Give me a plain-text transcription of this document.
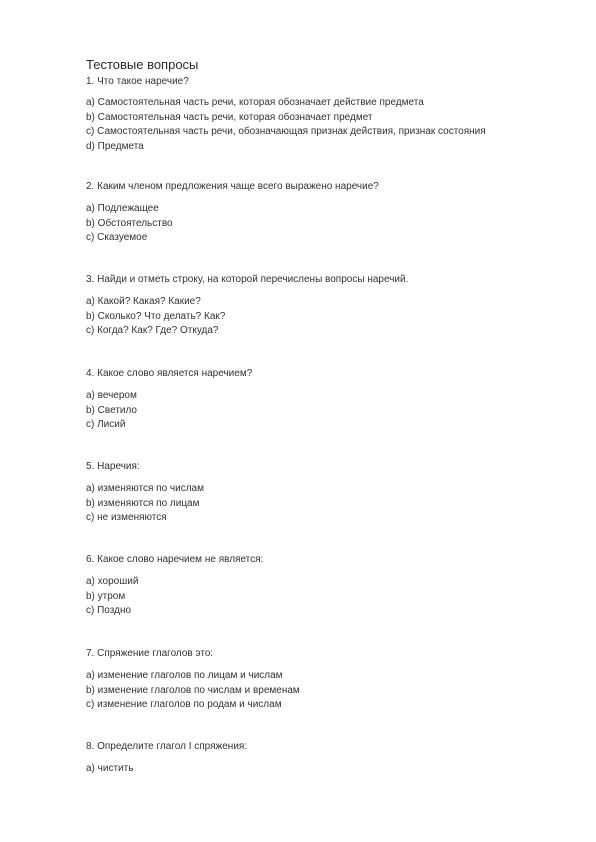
Тестовые вопросы

1. Что такое наречие?

а) Самостоятельная часть речи, которая обозначает действие предмета

b) Самостоятельная часть речи, которая обозначает предмет

c) Самостоятельная часть речи, обозначающая признак действия, признак состояния

d) Предмета

2. Каким членом предложения чаще всего выражено наречие?

а) Подлежащее

b) Обстоятельство

c) Сказуемое

3. Найди и отметь строку, на которой перечислены вопросы наречий.

а) Какой? Какая? Какие?

b) Сколько? Что делать? Как?

c) Когда? Как? Где? Откуда?

4. Какое слово является наречием?

а) вечером

b) Светило

c) Лисий

5. Наречия:

а) изменяются по числам

b) изменяются по лицам

c) не изменяются

6. Какое слово наречием не является:

а) хороший

b) утром

c) Поздно

7. Спряжение глаголов это:

а) изменение глаголов по лицам и числам

b) изменение глаголов по числам и временам

c) изменение глаголов по родам и числам

8. Определите глагол I спряжения:

а) чистить
